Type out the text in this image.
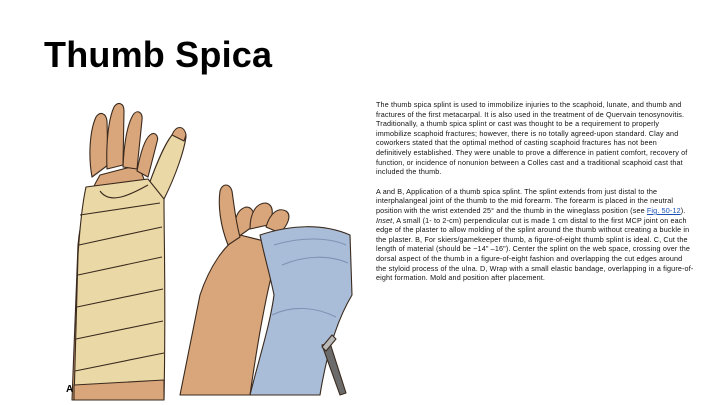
Thumb Spica
A

The thumb spica splint is used to immobilize injuries to the scaphoid, lunate, and thumb and fractures of the first metacarpal. It is also used in the treatment of de Quervain tenosynovitis. Traditionally, a thumb spica splint or cast was thought to be a requirement to properly immobilize scaphoid fractures; however, there is no totally agreed-upon standard. Clay and coworkers stated that the optimal method of casting scaphoid fractures has not been definitively established. They were unable to prove a difference in patient comfort, recovery of function, or incidence of nonunion between a Colles cast and a traditional scaphoid cast that included the thumb.

A and B, Application of a thumb spica splint. The splint extends from just distal to the interphalangeal joint of the thumb to the mid forearm. The forearm is placed in the neutral position with the wrist extended 25° and the thumb in the wineglass position (see Fig. 50-12). Inset, A small (1- to 2-cm) perpendicular cut is made 1 cm distal to the first MCP joint on each edge of the plaster to allow molding of the splint around the thumb without creating a buckle in the plaster. B, For skiers/gamekeeper thumb, a figure-of-eight thumb splint is ideal. C, Cut the length of material (should be ~14" –16"). Center the splint on the web space, crossing over the dorsal aspect of the thumb in a figure-of-eight fashion and overlapping the cut edges around the styloid process of the ulna. D, Wrap with a small elastic bandage, overlapping in a figure-of-eight formation. Mold and position after placement.
